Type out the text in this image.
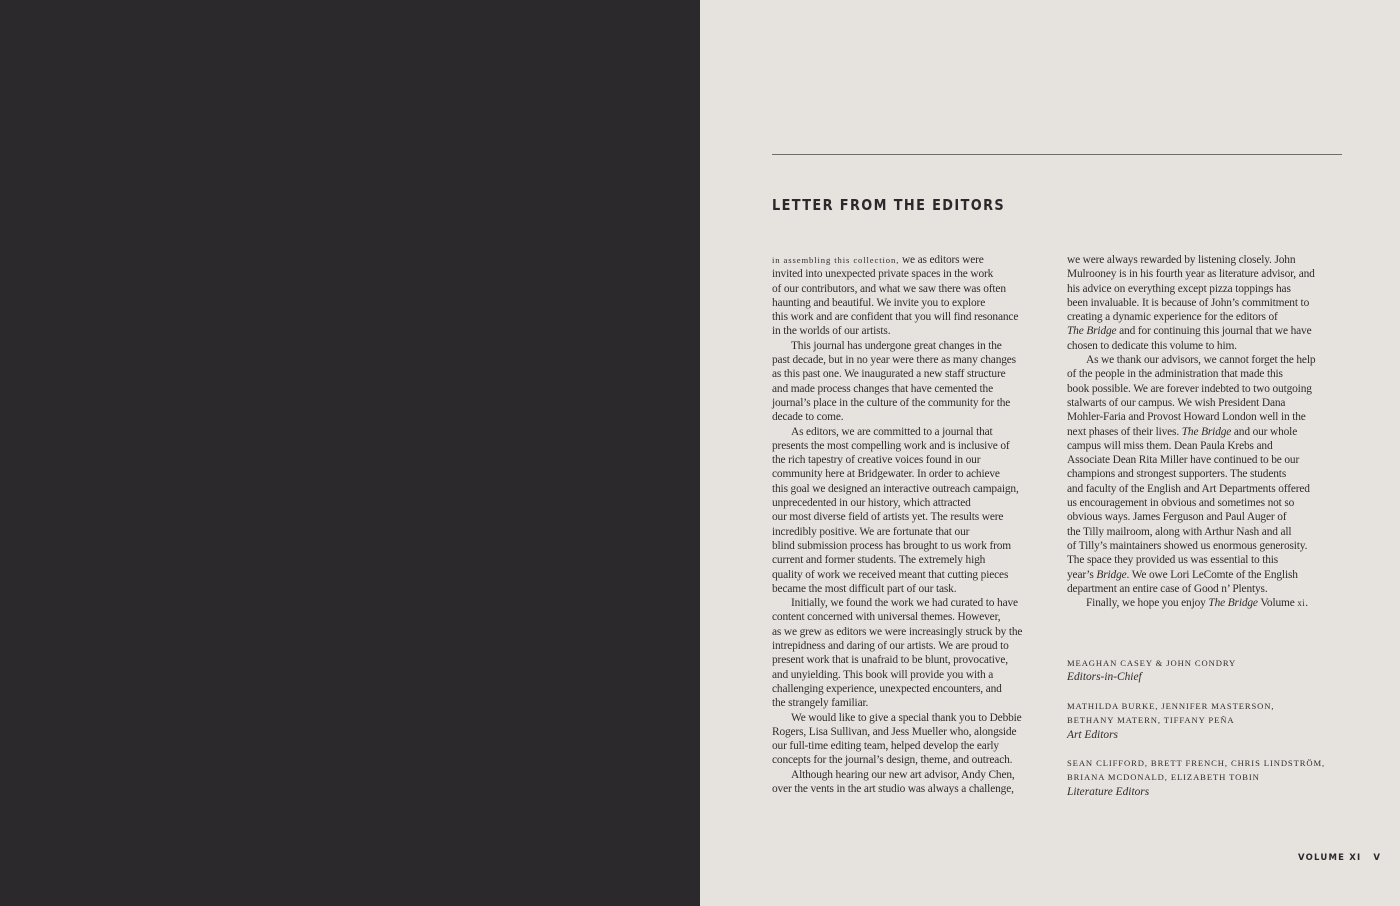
LETTER FROM THE EDITORS
in assembling this collection, we as editors were
invited into unexpected private spaces in the work
of our contributors, and what we saw there was often
haunting and beautiful. We invite you to explore
this work and are confident that you will find resonance
in the worlds of our artists.
This journal has undergone great changes in the
past decade, but in no year were there as many changes
as this past one. We inaugurated a new staff structure
and made process changes that have cemented the
journal’s place in the culture of the community for the
decade to come.
As editors, we are committed to a journal that
presents the most compelling work and is inclusive of
the rich tapestry of creative voices found in our
community here at Bridgewater. In order to achieve
this goal we designed an interactive outreach campaign,
unprecedented in our history, which attracted
our most diverse field of artists yet. The results were
incredibly positive. We are fortunate that our
blind submission process has brought to us work from
current and former students. The extremely high
quality of work we received meant that cutting pieces
became the most difficult part of our task.
Initially, we found the work we had curated to have
content concerned with universal themes. However,
as we grew as editors we were increasingly struck by the
intrepidness and daring of our artists. We are proud to
present work that is unafraid to be blunt, provocative,
and unyielding. This book will provide you with a
challenging experience, unexpected encounters, and
the strangely familiar.
We would like to give a special thank you to Debbie
Rogers, Lisa Sullivan, and Jess Mueller who, alongside
our full-time editing team, helped develop the early
concepts for the journal’s design, theme, and outreach.
Although hearing our new art advisor, Andy Chen,
over the vents in the art studio was always a challenge,
we were always rewarded by listening closely. John
Mulrooney is in his fourth year as literature advisor, and
his advice on everything except pizza toppings has
been invaluable. It is because of John’s commitment to
creating a dynamic experience for the editors of
The Bridge and for continuing this journal that we have
chosen to dedicate this volume to him.
As we thank our advisors, we cannot forget the help
of the people in the administration that made this
book possible. We are forever indebted to two outgoing
stalwarts of our campus. We wish President Dana
Mohler-Faria and Provost Howard London well in the
next phases of their lives. The Bridge and our whole
campus will miss them. Dean Paula Krebs and
Associate Dean Rita Miller have continued to be our
champions and strongest supporters. The students
and faculty of the English and Art Departments offered
us encouragement in obvious and sometimes not so
obvious ways. James Ferguson and Paul Auger of
the Tilly mailroom, along with Arthur Nash and all
of Tilly’s maintainers showed us enormous generosity.
The space they provided us was essential to this
year’s Bridge. We owe Lori LeComte of the English
department an entire case of Good n’ Plentys.
Finally, we hope you enjoy The Bridge Volume xi.
MEAGHAN CASEY & JOHN CONDRY
Editors-in-Chief
MATHILDA BURKE, JENNIFER MASTERSON,
BETHANY MATERN, TIFFANY PEÑA
Art Editors
SEAN CLIFFORD, BRETT FRENCH, CHRIS LINDSTRÖM,
BRIANA MCDONALD, ELIZABETH TOBIN
Literature Editors
VOLUME XI V
